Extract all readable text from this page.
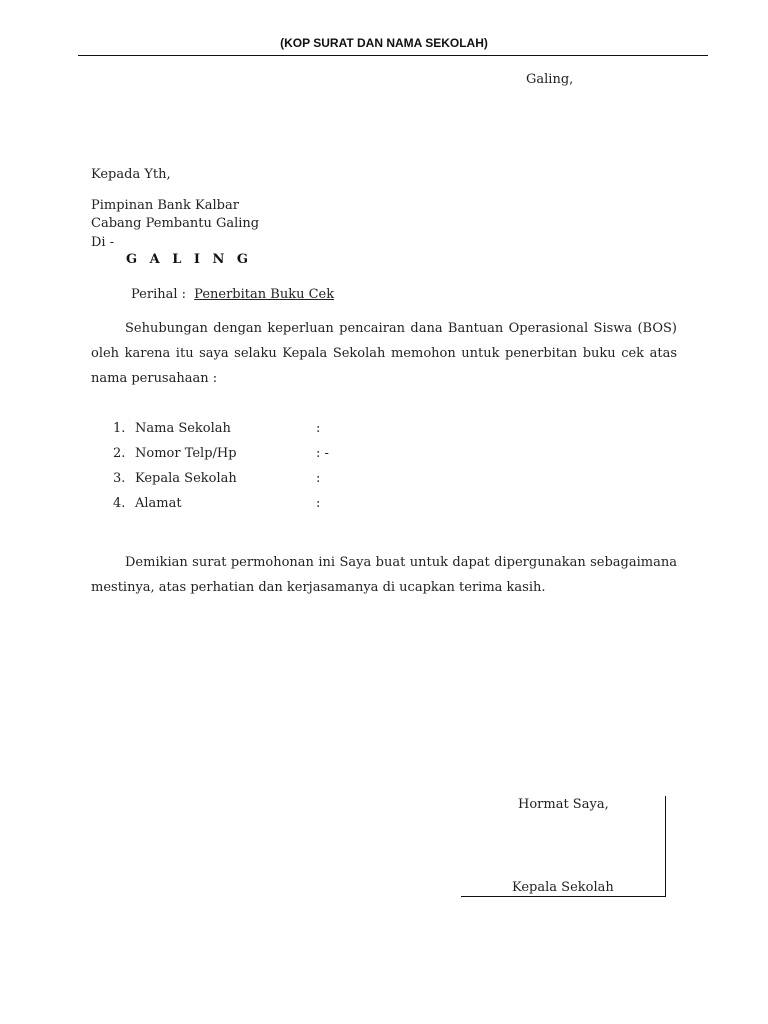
(KOP SURAT DAN NAMA SEKOLAH)
Galing,
Kepada Yth,
Pimpinan Bank Kalbar
Cabang Pembantu Galing
Di -
G A L I N G
Perihal : Penerbitan Buku Cek
Sehubungan dengan keperluan pencairan dana Bantuan Operasional Siswa (BOS) oleh karena itu saya selaku Kepala Sekolah memohon untuk penerbitan buku cek atas nama perusahaan :
1. Nama Sekolah	:
2. Nomor Telp/Hp	: -
3. Kepala Sekolah	:
4. Alamat	:
Demikian surat permohonan ini Saya buat untuk dapat dipergunakan sebagaimana mestinya, atas perhatian dan kerjasamanya di ucapkan terima kasih.
Hormat Saya,
Kepala Sekolah
